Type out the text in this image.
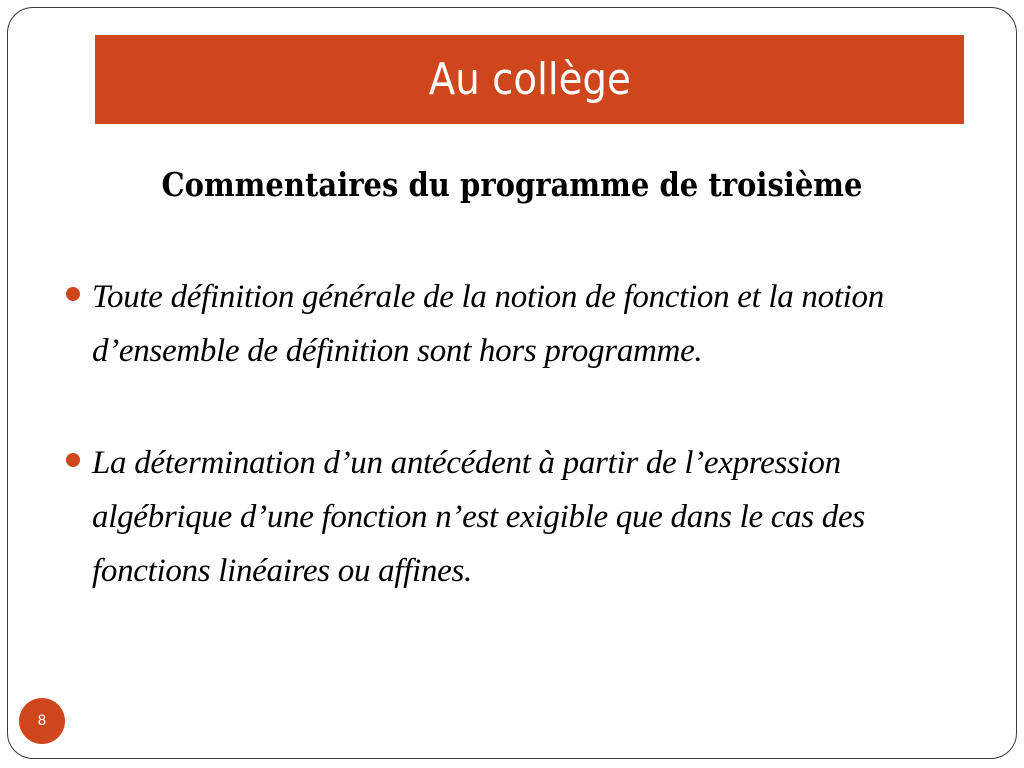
Au collège
Commentaires du programme de troisième
Toute définition générale de la notion de fonction et la notion d’ensemble de définition sont hors programme.
La détermination d’un antécédent à partir de l’expression algébrique d’une fonction n’est exigible que dans le cas des fonctions linéaires ou affines.
8
